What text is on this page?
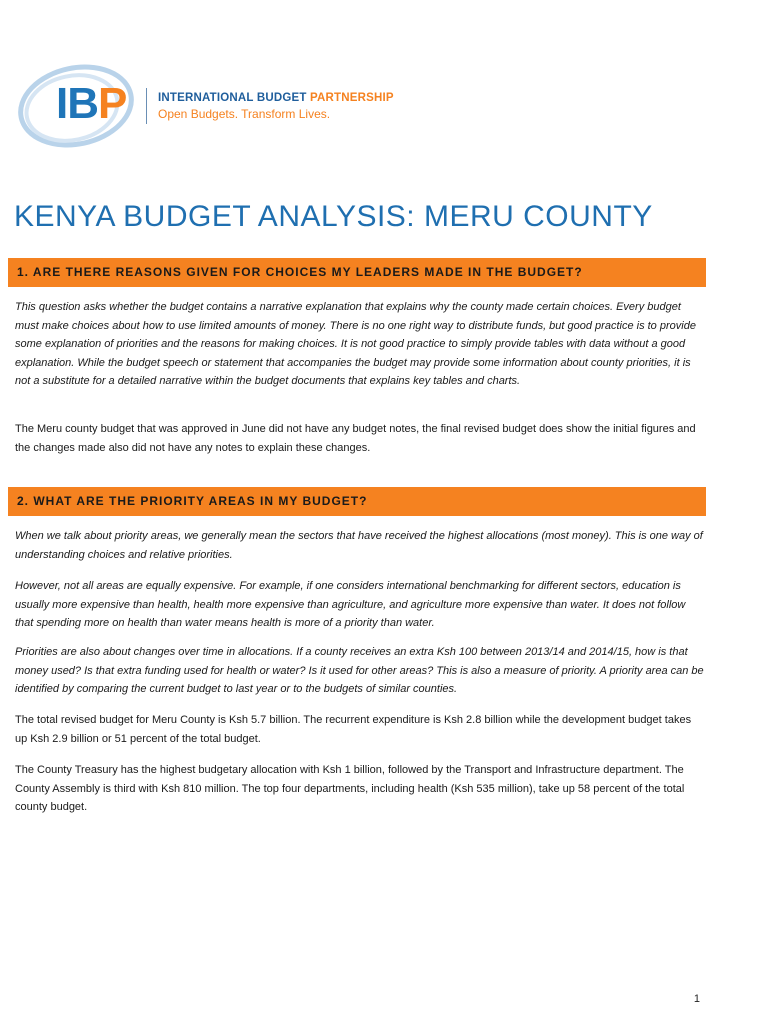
IBP	INTERNATIONAL BUDGET PARTNERSHIP
Open Budgets. Transform Lives.
KENYA BUDGET ANALYSIS: MERU COUNTY
1. ARE THERE REASONS GIVEN FOR CHOICES MY LEADERS MADE IN THE BUDGET?

This question asks whether the budget contains a narrative explanation that explains why the county made certain choices. Every budget must make choices about how to use limited amounts of money. There is no one right way to distribute funds, but good practice is to provide some explanation of priorities and the reasons for making choices. It is not good practice to simply provide tables with data without a good explanation. While the budget speech or statement that accompanies the budget may provide some information about county priorities, it is not a substitute for a detailed narrative within the budget documents that explains key tables and charts.

The Meru county budget that was approved in June did not have any budget notes, the final revised budget does show the initial figures and the changes made also did not have any notes to explain these changes.

2. WHAT ARE THE PRIORITY AREAS IN MY BUDGET?

When we talk about priority areas, we generally mean the sectors that have received the highest allocations (most money). This is one way of understanding choices and relative priorities.

However, not all areas are equally expensive. For example, if one considers international benchmarking for different sectors, education is usually more expensive than health, health more expensive than agriculture, and agriculture more expensive than water. It does not follow that spending more on health than water means health is more of a priority than water.

Priorities are also about changes over time in allocations. If a county receives an extra Ksh 100 between 2013/14 and 2014/15, how is that money used? Is that extra funding used for health or water? Is it used for other areas? This is also a measure of priority. A priority area can be identified by comparing the current budget to last year or to the budgets of similar counties.

The total revised budget for Meru County is Ksh 5.7 billion. The recurrent expenditure is Ksh 2.8 billion while the development budget takes up Ksh 2.9 billion or 51 percent of the total budget.

The County Treasury has the highest budgetary allocation with Ksh 1 billion, followed by the Transport and Infrastructure department. The County Assembly is third with Ksh 810 million. The top four departments, including health (Ksh 535 million), take up 58 percent of the total county budget.

1
